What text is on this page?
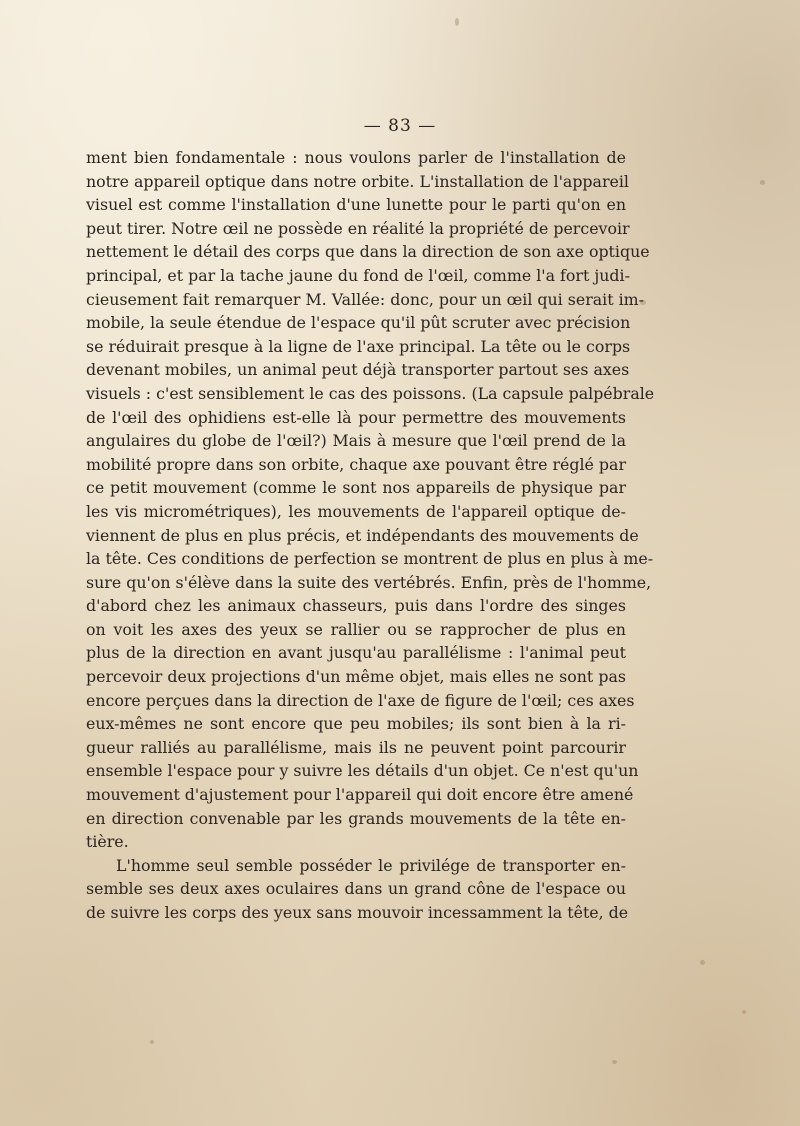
— 83 —
ment bien fondamentale : nous voulons parler de l'installation de
notre appareil optique dans notre orbite. L'installation de l'appareil
visuel est comme l'installation d'une lunette pour le parti qu'on en
peut tirer. Notre œil ne possède en réalité la propriété de percevoir
nettement le détail des corps que dans la direction de son axe optique
principal, et par la tache jaune du fond de l'œil, comme l'a fort judi-
cieusement fait remarquer M. Vallée: donc, pour un œil qui serait im-
mobile, la seule étendue de l'espace qu'il pût scruter avec précision
se réduirait presque à la ligne de l'axe principal. La tête ou le corps
devenant mobiles, un animal peut déjà transporter partout ses axes
visuels : c'est sensiblement le cas des poissons. (La capsule palpébrale
de l'œil des ophidiens est-elle là pour permettre des mouvements
angulaires du globe de l'œil?) Mais à mesure que l'œil prend de la
mobilité propre dans son orbite, chaque axe pouvant être réglé par
ce petit mouvement (comme le sont nos appareils de physique par
les vis micrométriques), les mouvements de l'appareil optique de-
viennent de plus en plus précis, et indépendants des mouvements de
la tête. Ces conditions de perfection se montrent de plus en plus à me-
sure qu'on s'élève dans la suite des vertébrés. Enfin, près de l'homme,
d'abord chez les animaux chasseurs, puis dans l'ordre des singes
on voit les axes des yeux se rallier ou se rapprocher de plus en
plus de la direction en avant jusqu'au parallélisme : l'animal peut
percevoir deux projections d'un même objet, mais elles ne sont pas
encore perçues dans la direction de l'axe de figure de l'œil; ces axes
eux-mêmes ne sont encore que peu mobiles; ils sont bien à la ri-
gueur ralliés au parallélisme, mais ils ne peuvent point parcourir
ensemble l'espace pour y suivre les détails d'un objet. Ce n'est qu'un
mouvement d'ajustement pour l'appareil qui doit encore être amené
en direction convenable par les grands mouvements de la tête en-
tière.
L'homme seul semble posséder le privilége de transporter en-
semble ses deux axes oculaires dans un grand cône de l'espace ou
de suivre les corps des yeux sans mouvoir incessamment la tête, de
